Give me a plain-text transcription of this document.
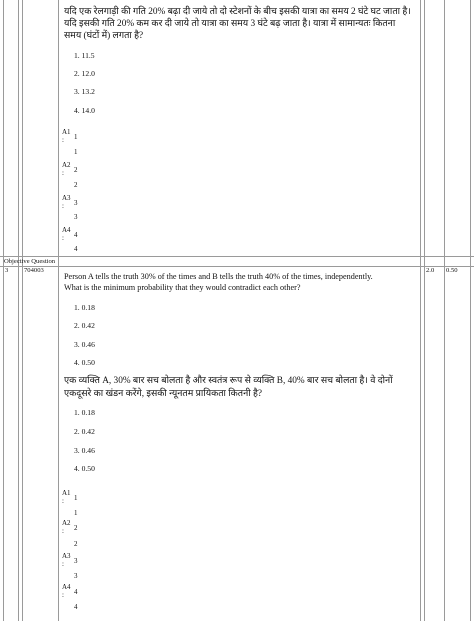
यदि एक रेलगाड़ी की गति 20% बढ़ा दी जाये तो दो स्टेशनों के बीच इसकी यात्रा का समय 2 घंटे घट जाता है।
यदि इसकी गति 20% कम कर दी जाये तो यात्रा का समय 3 घंटे बढ़ जाता है। यात्रा में सामान्यतः कितना
समय (घंटों में) लगता है?
1. 11.5
2. 12.0
3. 13.2
4. 14.0
A1
: 1
1
A2
: 2
2
A3
: 3
3
A4
: 4
4
Objective Question
3 704003	2.0 0.50
Person A tells the truth 30% of the times and B tells the truth 40% of the times, independently.
What is the minimum probability that they would contradict each other?
1. 0.18
2. 0.42
3. 0.46
4. 0.50
एक व्यक्ति A, 30% बार सच बोलता है और स्वतंत्र रूप से व्यक्ति B, 40% बार सच बोलता है। वे दोनों
एकदूसरे का खंडन करेंगे, इसकी न्यूनतम प्रायिकता कितनी है?
1. 0.18
2. 0.42
3. 0.46
4. 0.50
A1
: 1
1
A2
: 2
2
A3
: 3
3
A4
: 4
4
